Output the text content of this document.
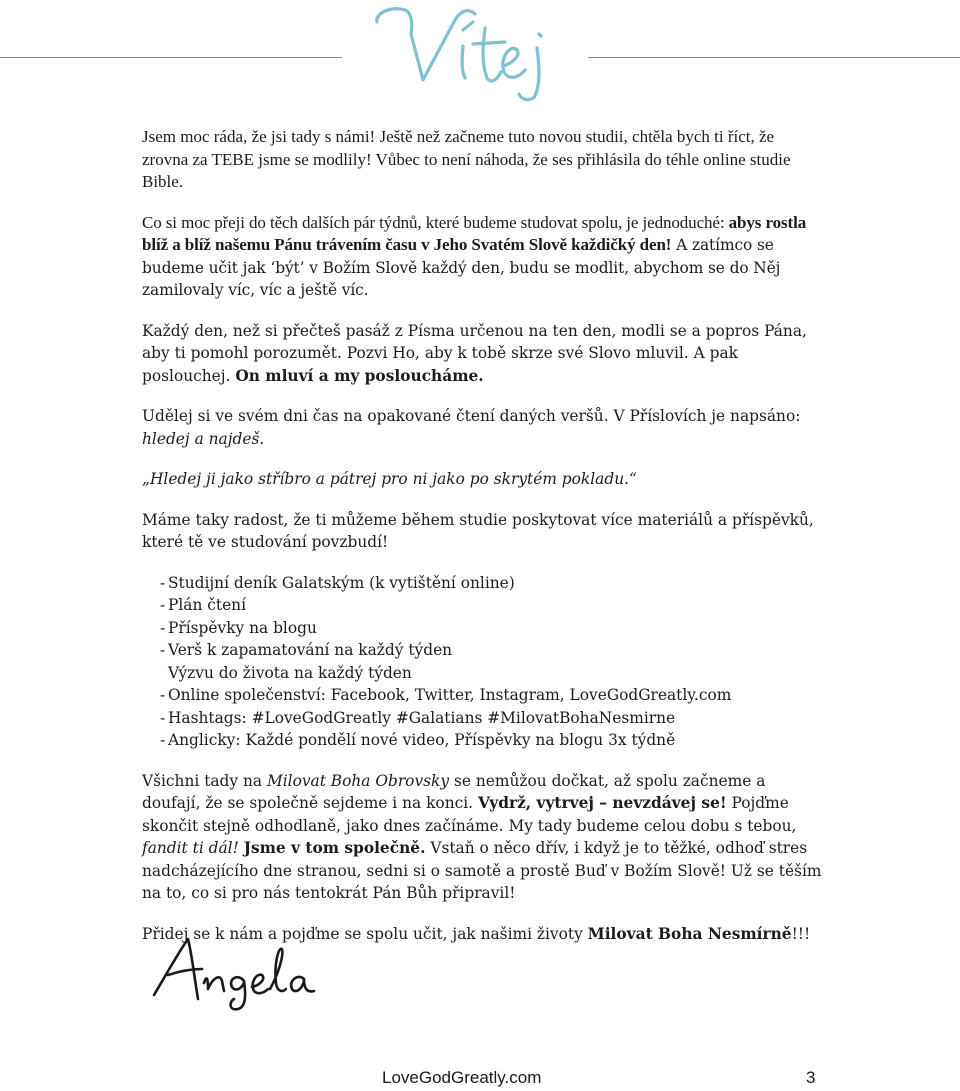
Jsem moc ráda, že jsi tady s námi! Ještě než začneme tuto novou studii, chtěla bych ti říct, že zrovna za TEBE jsme se modlily! Vůbec to není náhoda, že ses přihlásila do téhle online studie Bible.

Co si moc přeji do těch dalších pár týdnů, které budeme studovat spolu, je jednoduché: abys rostla blíž a blíž našemu Pánu trávením času v Jeho Svatém Slově každičký den! A zatímco se budeme učit jak ‘být’ v Božím Slově každý den, budu se modlit, abychom se do Něj zamilovaly víc, víc a ještě víc.

Každý den, než si přečteš pasáž z Písma určenou na ten den, modli se a popros Pána, aby ti pomohl porozumět. Pozvi Ho, aby k tobě skrze své Slovo mluvil. A pak poslouchej. On mluví a my posloucháme.

Udělej si ve svém dni čas na opakované čtení daných veršů. V Příslovích je napsáno: hledej a najdeš.

„Hledej ji jako stříbro a pátrej pro ni jako po skrytém pokladu.“

Máme taky radost, že ti můžeme během studie poskytovat více materiálů a příspěvků, které tě ve studování povzbudí!

- Studijní deník Galatským (k vytištění online)
- Plán čtení
- Příspěvky na blogu
- Verš k zapamatování na každý týden
Výzvu do života na každý týden
- Online společenství: Facebook, Twitter, Instagram, LoveGodGreatly.com
- Hashtags: #LoveGodGreatly #Galatians #MilovatBohaNesmirne
- Anglicky: Každé pondělí nové video, Příspěvky na blogu 3x týdně

Všichni tady na Milovat Boha Obrovsky se nemůžou dočkat, až spolu začneme a doufají, že se společně sejdeme i na konci. Vydrž, vytrvej – nevzdávej se! Pojďme skončit stejně odhodlaně, jako dnes začínáme. My tady budeme celou dobu s tebou, fandit ti dál! Jsme v tom společně. Vstaň o něco dřív, i když je to těžké, odhoď stres nadcházejícího dne stranou, sedni si o samotě a prostě Buď v Božím Slově! Už se těším na to, co si pro nás tentokrát Pán Bůh připravil!

Přidej se k nám a pojďme se spolu učit, jak našimi životy Milovat Boha Nesmírně!!!

LoveGodGreatly.com	3
